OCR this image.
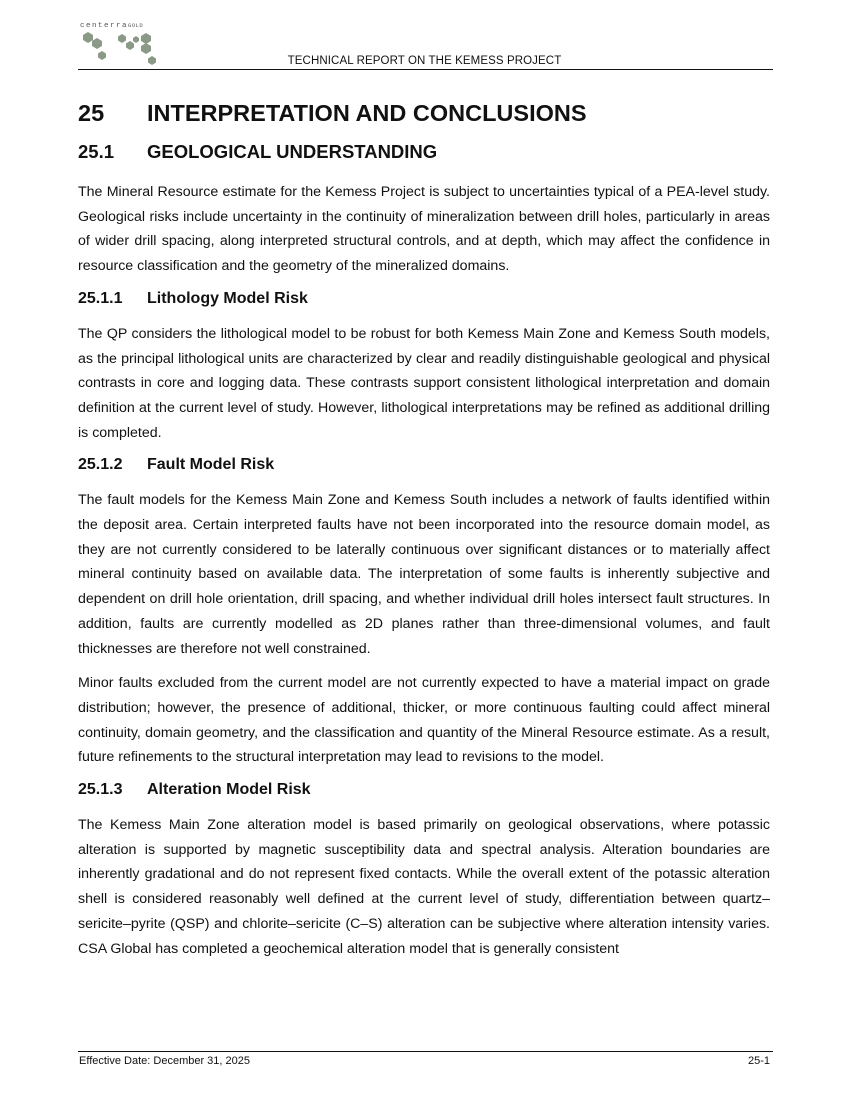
centerraGOLD
TECHNICAL REPORT ON THE KEMESS PROJECT
25 INTERPRETATION AND CONCLUSIONS
25.1 GEOLOGICAL UNDERSTANDING

The Mineral Resource estimate for the Kemess Project is subject to uncertainties typical of a PEA-level study. Geological risks include uncertainty in the continuity of mineralization between drill holes, particularly in areas of wider drill spacing, along interpreted structural controls, and at depth, which may affect the confidence in resource classification and the geometry of the mineralized domains.

25.1.1 Lithology Model Risk

The QP considers the lithological model to be robust for both Kemess Main Zone and Kemess South models, as the principal lithological units are characterized by clear and readily distinguishable geological and physical contrasts in core and logging data. These contrasts support consistent lithological interpretation and domain definition at the current level of study. However, lithological interpretations may be refined as additional drilling is completed.

25.1.2 Fault Model Risk

The fault models for the Kemess Main Zone and Kemess South includes a network of faults identified within the deposit area. Certain interpreted faults have not been incorporated into the resource domain model, as they are not currently considered to be laterally continuous over significant distances or to materially affect mineral continuity based on available data. The interpretation of some faults is inherently subjective and dependent on drill hole orientation, drill spacing, and whether individual drill holes intersect fault structures. In addition, faults are currently modelled as 2D planes rather than three-dimensional volumes, and fault thicknesses are therefore not well constrained.

Minor faults excluded from the current model are not currently expected to have a material impact on grade distribution; however, the presence of additional, thicker, or more continuous faulting could affect mineral continuity, domain geometry, and the classification and quantity of the Mineral Resource estimate. As a result, future refinements to the structural interpretation may lead to revisions to the model.

25.1.3 Alteration Model Risk

The Kemess Main Zone alteration model is based primarily on geological observations, where potassic alteration is supported by magnetic susceptibility data and spectral analysis. Alteration boundaries are inherently gradational and do not represent fixed contacts. While the overall extent of the potassic alteration shell is considered reasonably well defined at the current level of study, differentiation between quartz–sericite–pyrite (QSP) and chlorite–sericite (C–S) alteration can be subjective where alteration intensity varies. CSA Global has completed a geochemical alteration model that is generally consistent

Effective Date: December 31, 2025	25-1
